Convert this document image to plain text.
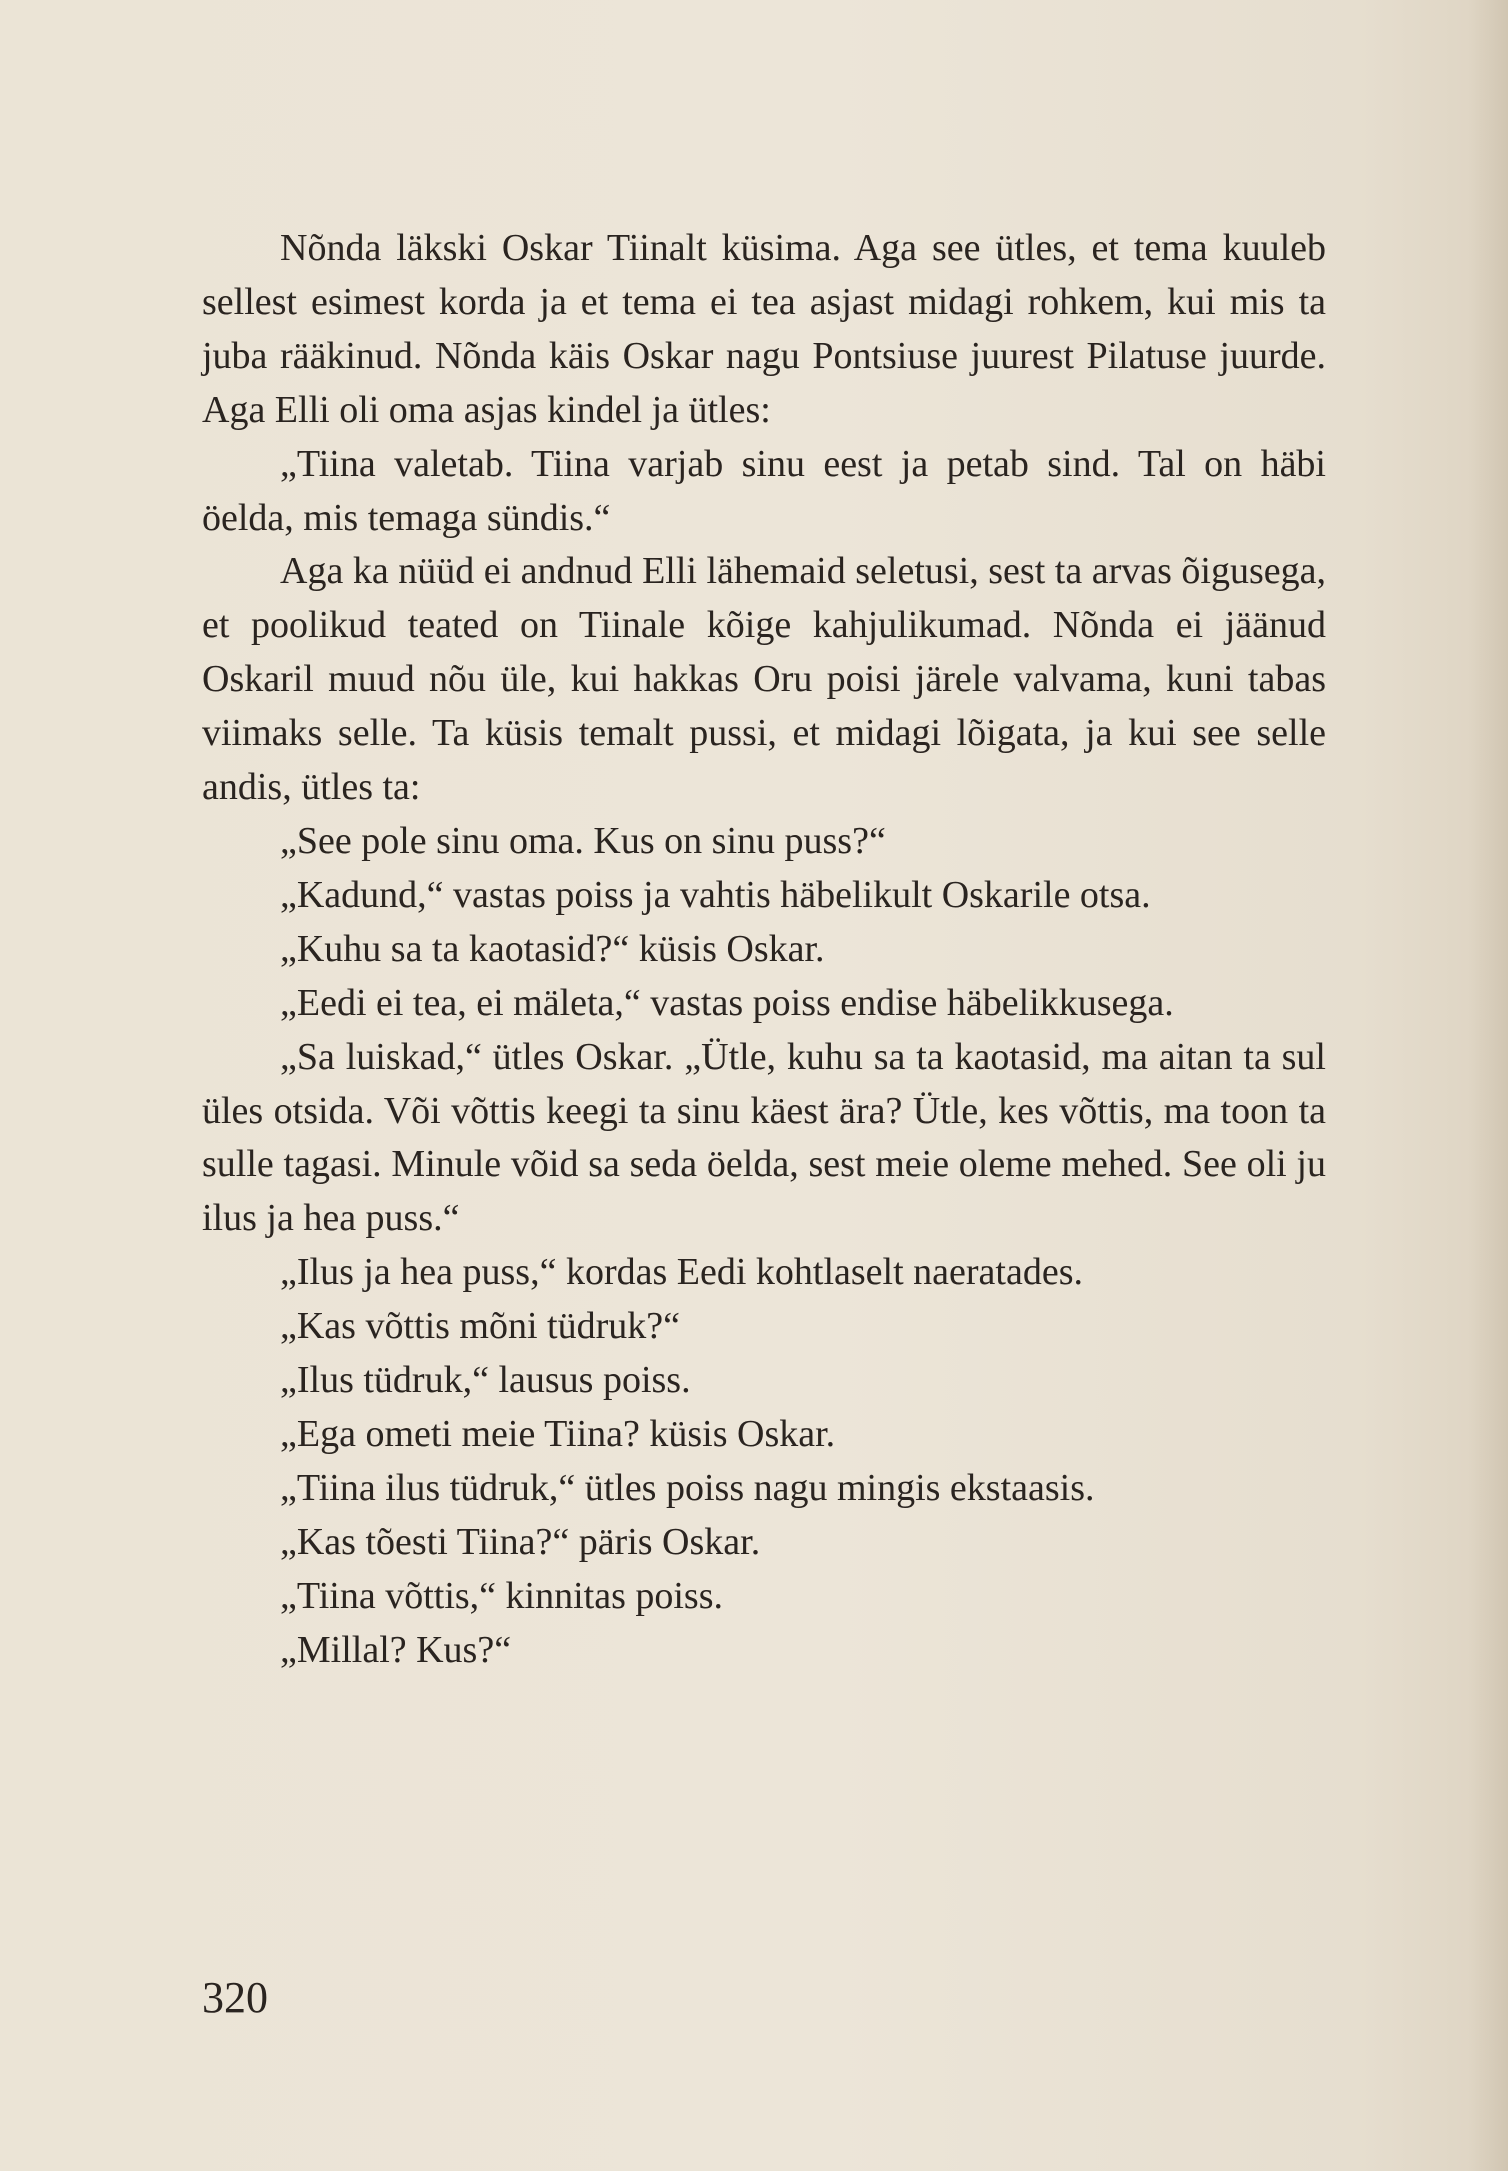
Nõnda läkski Oskar Tiinalt küsima. Aga see ütles, et tema kuuleb sellest esimest korda ja et tema ei tea asjast midagi rohkem, kui mis ta juba rääkinud. Nõnda käis Oskar nagu Pontsiuse juurest Pilatuse juurde. Aga Elli oli oma asjas kindel ja ütles:

„Tiina valetab. Tiina varjab sinu eest ja petab sind. Tal on häbi öelda, mis temaga sündis.“

Aga ka nüüd ei andnud Elli lähemaid seletusi, sest ta arvas õigusega, et poolikud teated on Tiinale kõige kahjulikumad. Nõnda ei jäänud Oskaril muud nõu üle, kui hakkas Oru poisi järele valvama, kuni tabas viimaks selle. Ta küsis temalt pussi, et midagi lõigata, ja kui see selle andis, ütles ta:

„See pole sinu oma. Kus on sinu puss?“

„Kadund,“ vastas poiss ja vahtis häbelikult Oskarile otsa.

„Kuhu sa ta kaotasid?“ küsis Oskar.

„Eedi ei tea, ei mäleta,“ vastas poiss endise häbelikkusega.

„Sa luiskad,“ ütles Oskar. „Ütle, kuhu sa ta kaotasid, ma aitan ta sul üles otsida. Või võttis keegi ta sinu käest ära? Ütle, kes võttis, ma toon ta sulle tagasi. Minule võid sa seda öelda, sest meie oleme mehed. See oli ju ilus ja hea puss.“

„Ilus ja hea puss,“ kordas Eedi kohtlaselt naeratades.

„Kas võttis mõni tüdruk?“

„Ilus tüdruk,“ lausus poiss.

„Ega ometi meie Tiina? küsis Oskar.

„Tiina ilus tüdruk,“ ütles poiss nagu mingis ekstaasis.

„Kas tõesti Tiina?“ päris Oskar.

„Tiina võttis,“ kinnitas poiss.

„Millal? Kus?“

320
